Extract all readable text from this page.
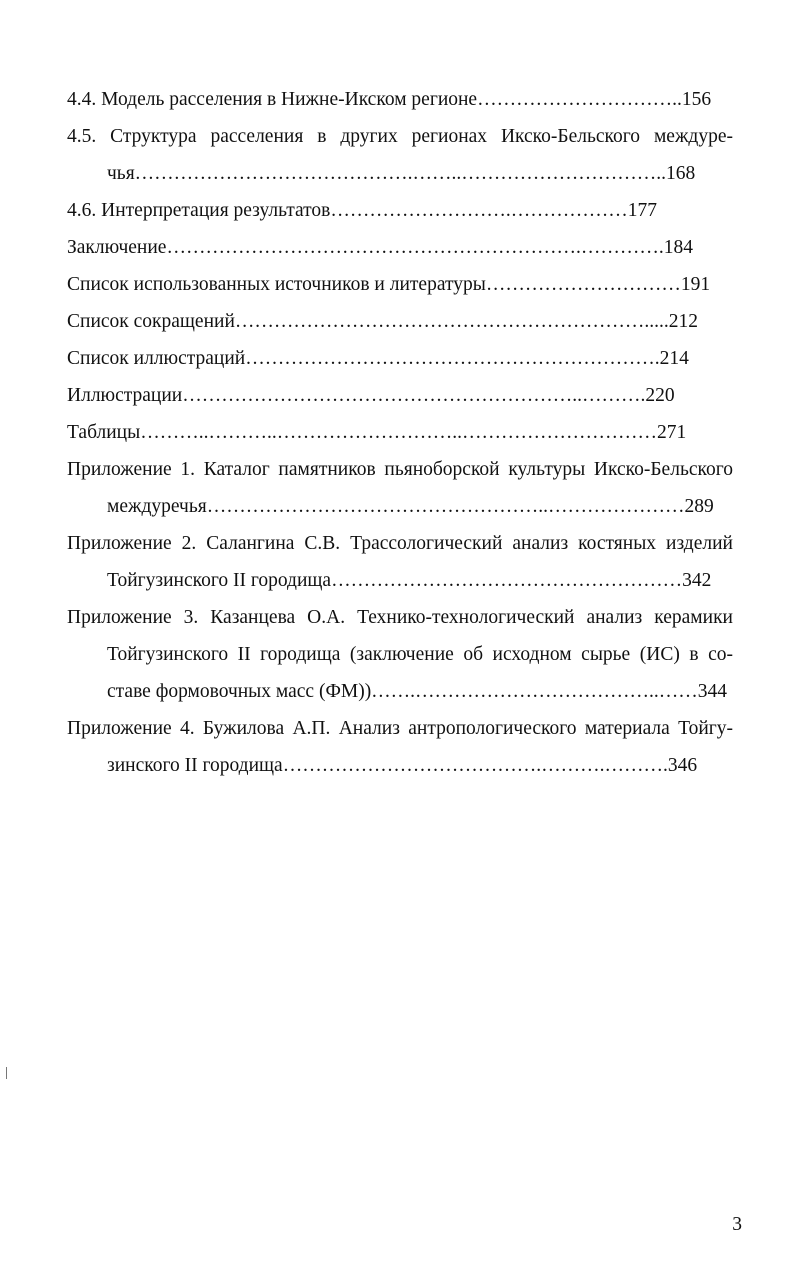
4.4. Модель расселения в Нижне-Икском регионе…………………………..156
4.5. Структура расселения в других регионах Икско-Бельского междуре-
чья…………………………………….……..…………………………..168
4.6. Интерпретация результатов……………………….………………177
Заключение……………………………………………………….………….184
Список использованных источников и литературы…………………………191
Список сокращений……………………………………………………….....212
Список иллюстраций……………………………………………………….214
Иллюстрации……………………………………………………..……….220
Таблицы………..………..………………………..…………………………271
Приложение 1. Каталог памятников пьяноборской культуры Икско-Бельского
междуречья……………………………………………..…………………289
Приложение 2. Салангина С.В. Трассологический анализ костяных изделий
Тойгузинского II городища………………………………………………342
Приложение 3. Казанцева О.А. Технико-технологический анализ керамики
Тойгузинского II городища (заключение об исходном сырье (ИС) в со-
ставе формовочных масс (ФМ))…….………………………………..……344
Приложение 4. Бужилова А.П. Анализ антропологического материала Тойгу-
зинского II городища………………………………….……….……….346
3
